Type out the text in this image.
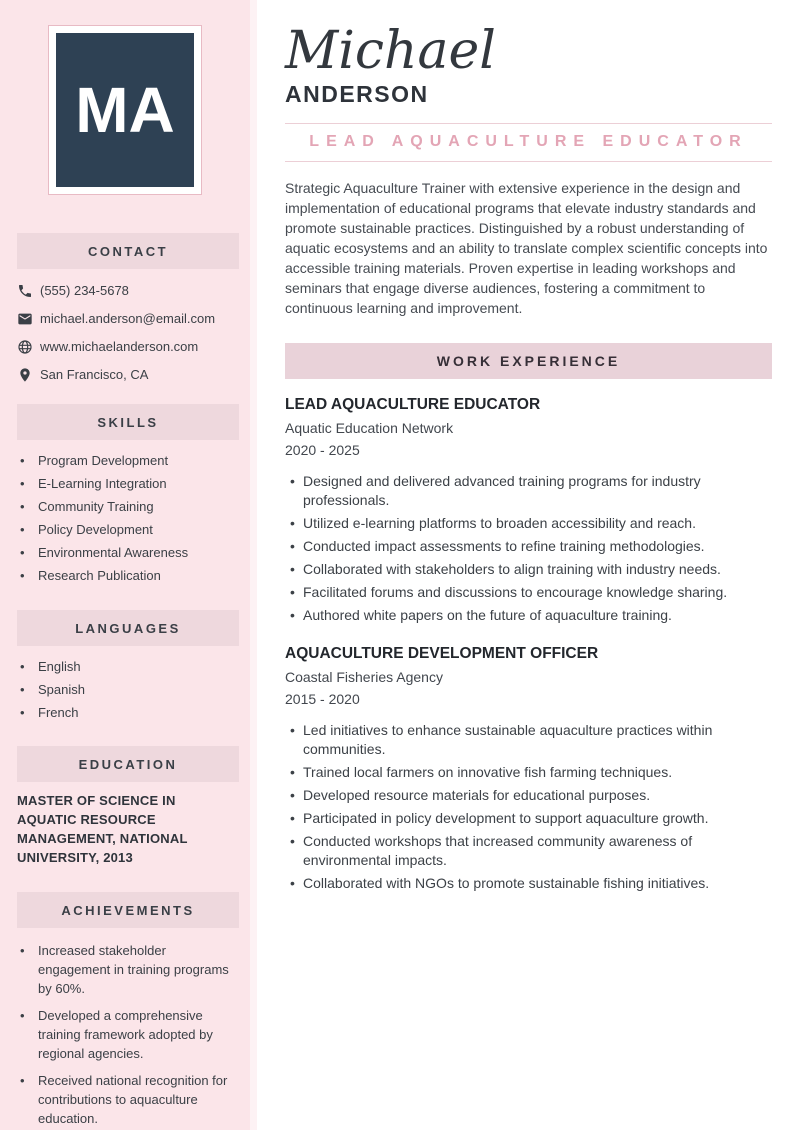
MA
CONTACT
(555) 234-5678
michael.anderson@email.com
www.michaelanderson.com
San Francisco, CA
SKILLS
• Program Development
• E-Learning Integration
• Community Training
• Policy Development
• Environmental Awareness
• Research Publication
LANGUAGES
• English
• Spanish
• French
EDUCATION
MASTER OF SCIENCE IN AQUATIC RESOURCE MANAGEMENT, NATIONAL UNIVERSITY, 2013
ACHIEVEMENTS
• Increased stakeholder engagement in training programs by 60%.
• Developed a comprehensive training framework adopted by regional agencies.
• Received national recognition for contributions to aquaculture education.
Michael
ANDERSON
LEAD AQUACULTURE EDUCATOR

Strategic Aquaculture Trainer with extensive experience in the design and implementation of educational programs that elevate industry standards and promote sustainable practices. Distinguished by a robust understanding of aquatic ecosystems and an ability to translate complex scientific concepts into accessible training materials. Proven expertise in leading workshops and seminars that engage diverse audiences, fostering a commitment to continuous learning and improvement.

WORK EXPERIENCE
LEAD AQUACULTURE EDUCATOR
Aquatic Education Network
2020 - 2025
• Designed and delivered advanced training programs for industry professionals.
• Utilized e-learning platforms to broaden accessibility and reach.
• Conducted impact assessments to refine training methodologies.
• Collaborated with stakeholders to align training with industry needs.
• Facilitated forums and discussions to encourage knowledge sharing.
• Authored white papers on the future of aquaculture training.
AQUACULTURE DEVELOPMENT OFFICER
Coastal Fisheries Agency
2015 - 2020
• Led initiatives to enhance sustainable aquaculture practices within communities.
• Trained local farmers on innovative fish farming techniques.
• Developed resource materials for educational purposes.
• Participated in policy development to support aquaculture growth.
• Conducted workshops that increased community awareness of environmental impacts.
• Collaborated with NGOs to promote sustainable fishing initiatives.
